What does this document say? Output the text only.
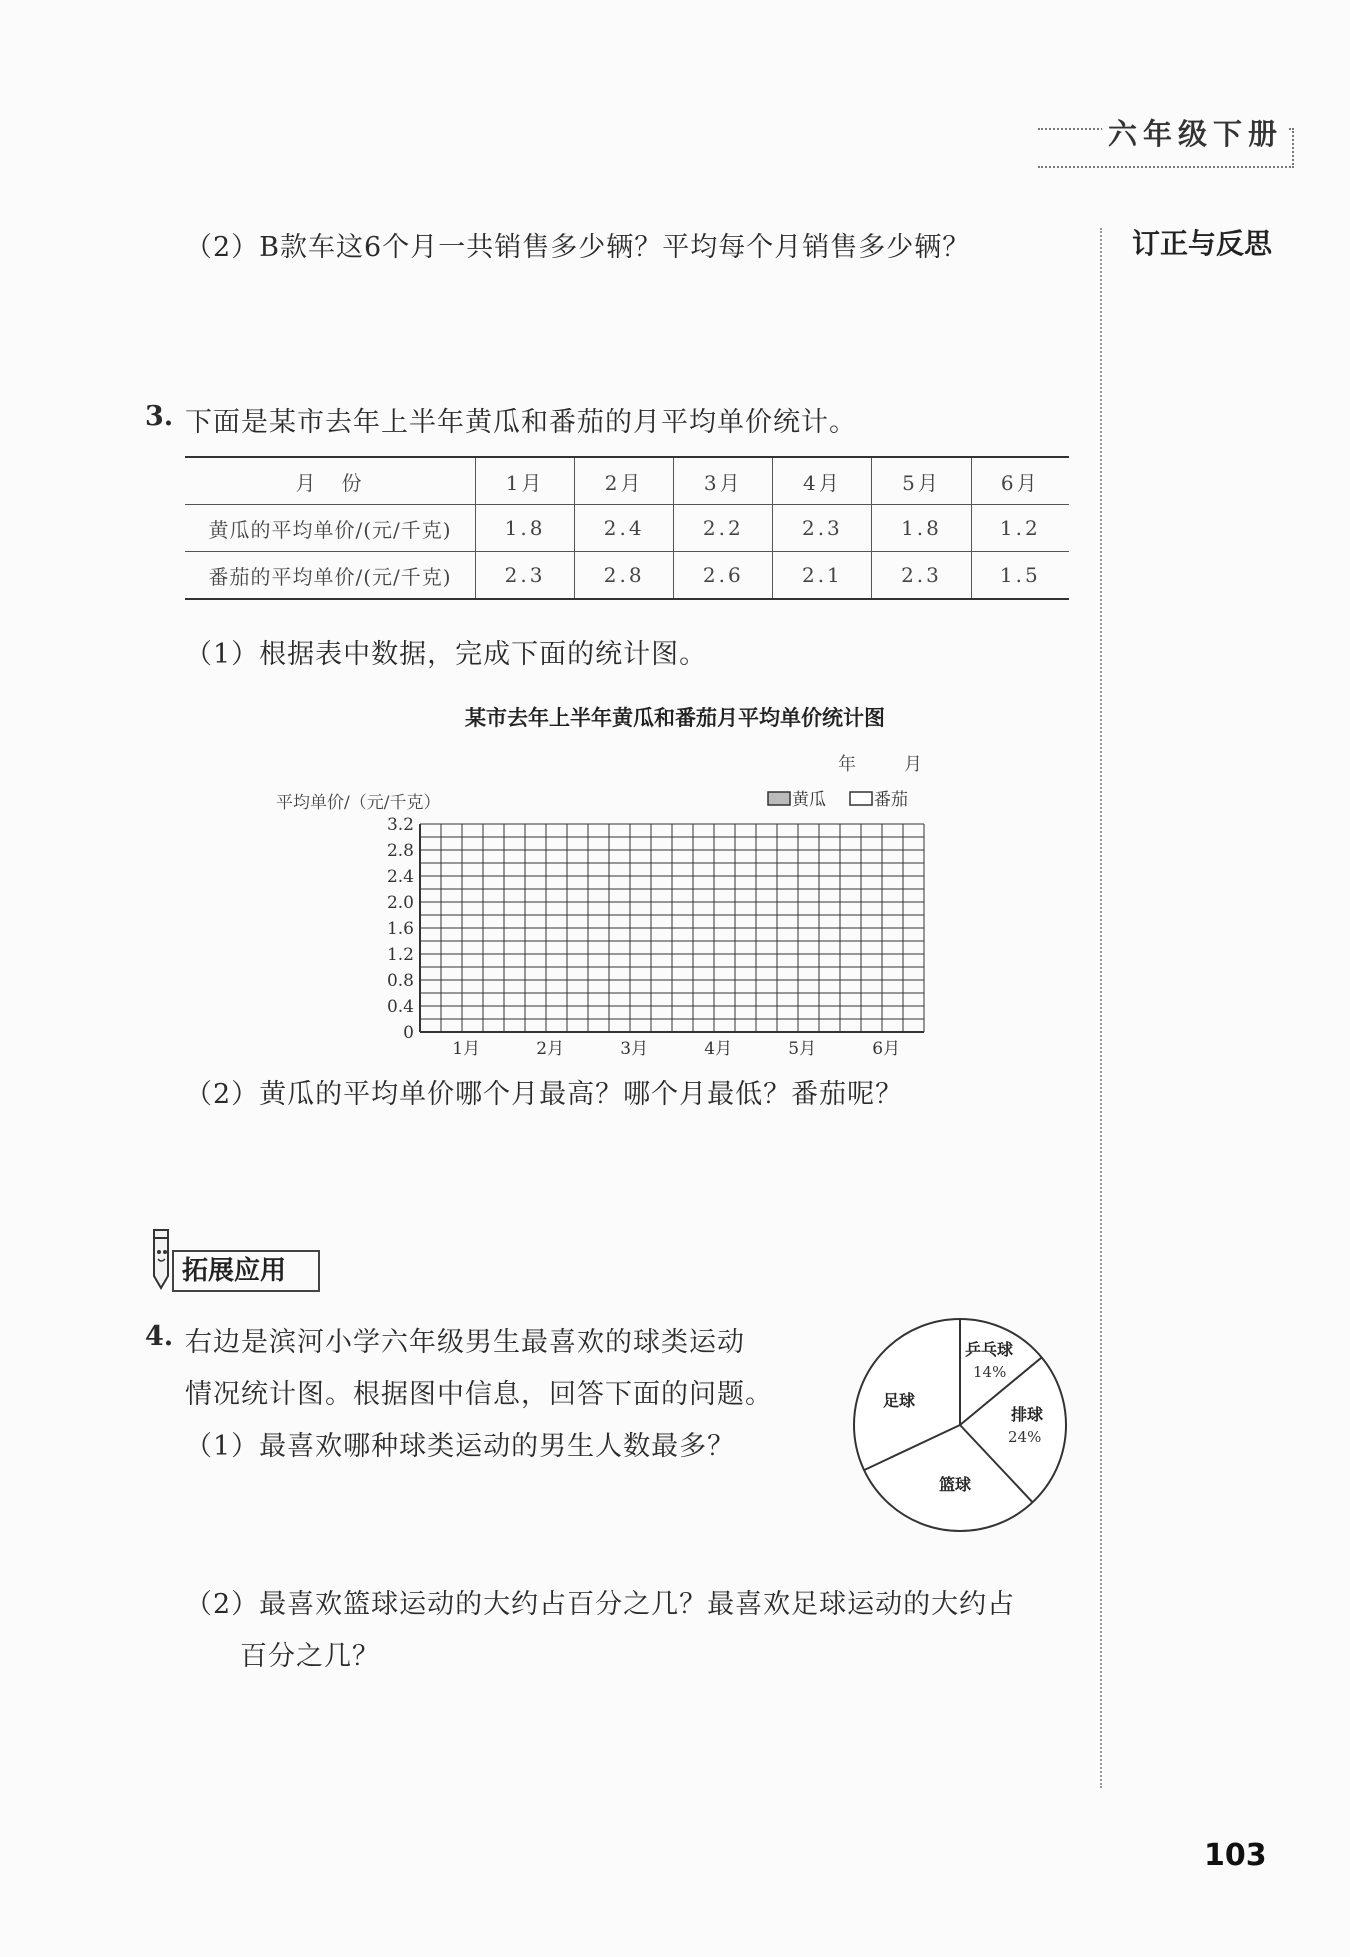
六年级下册
订正与反思
（2）B款车这6个月一共销售多少辆？平均每个月销售多少辆？
3. 下面是某市去年上半年黄瓜和番茄的月平均单价统计。
月　份	1月	2月	3月	4月	5月	6月
黄瓜的平均单价/(元/千克)	1.8	2.4	2.2	2.3	1.8	1.2
番茄的平均单价/(元/千克)	2.3	2.8	2.6	2.1	2.3	1.5
（1）根据表中数据，完成下面的统计图。
某市去年上半年黄瓜和番茄月平均单价统计图
年　　月
平均单价/（元/千克）	黄瓜	番茄
0
0.4
0.8
1.2
1.6
2.0
2.4
2.8
3.2
1月	2月	3月	4月	5月	6月
（2）黄瓜的平均单价哪个月最高？哪个月最低？番茄呢？
拓展应用
4. 右边是滨河小学六年级男生最喜欢的球类运动
情况统计图。根据图中信息，回答下面的问题。
（1）最喜欢哪种球类运动的男生人数最多？
乒乓球
14%
排球
24%
篮球
足球
（2）最喜欢篮球运动的大约占百分之几？最喜欢足球运动的大约占
百分之几？
103
